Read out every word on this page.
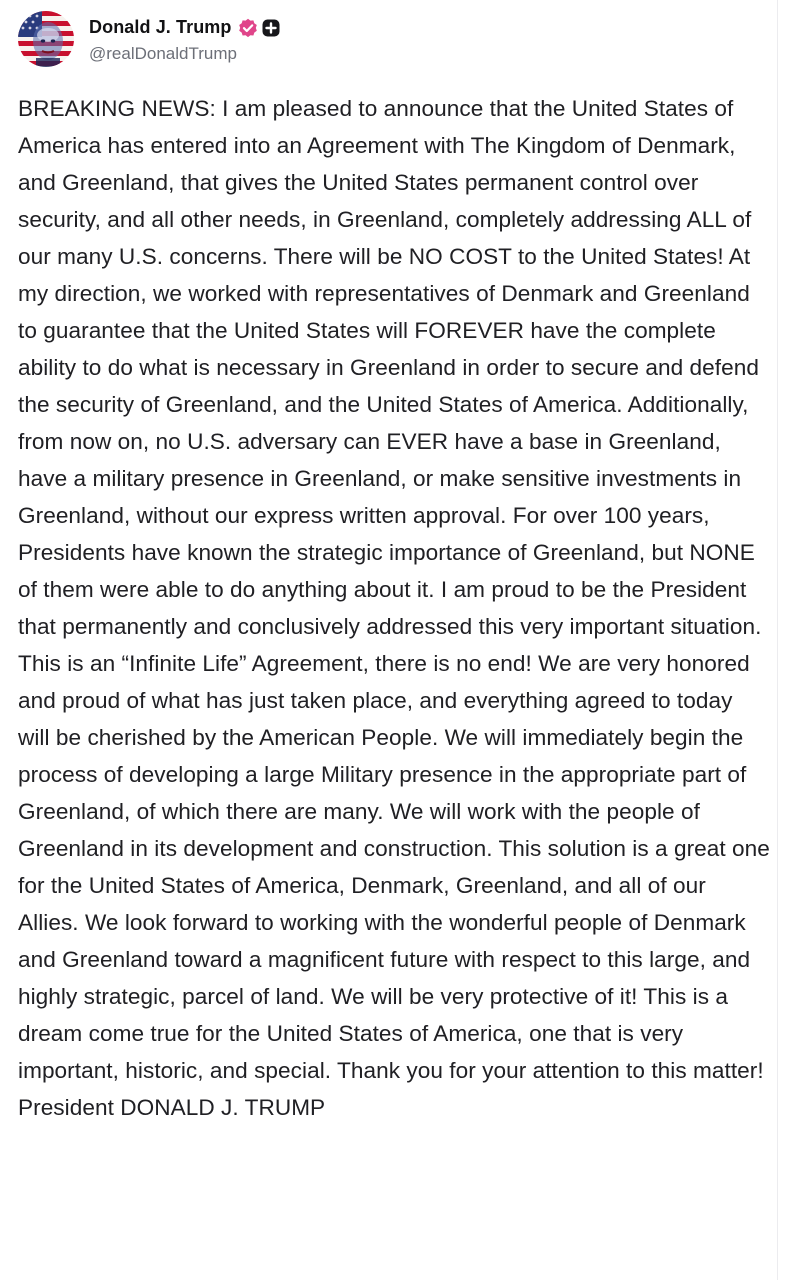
Donald J. Trump
@realDonaldTrump

BREAKING NEWS: I am pleased to announce that the United States of America has entered into an Agreement with The Kingdom of Denmark, and Greenland, that gives the United States permanent control over security, and all other needs, in Greenland, completely addressing ALL of our many U.S. concerns. There will be NO COST to the United States! At my direction, we worked with representatives of Denmark and Greenland to guarantee that the United States will FOREVER have the complete ability to do what is necessary in Greenland in order to secure and defend the security of Greenland, and the United States of America. Additionally, from now on, no U.S. adversary can EVER have a base in Greenland, have a military presence in Greenland, or make sensitive investments in Greenland, without our express written approval. For over 100 years, Presidents have known the strategic importance of Greenland, but NONE of them were able to do anything about it. I am proud to be the President that permanently and conclusively addressed this very important situation. This is an “Infinite Life” Agreement, there is no end! We are very honored and proud of what has just taken place, and everything agreed to today will be cherished by the American People. We will immediately begin the process of developing a large Military presence in the appropriate part of Greenland, of which there are many. We will work with the people of Greenland in its development and construction. This solution is a great one for the United States of America, Denmark, Greenland, and all of our Allies. We look forward to working with the wonderful people of Denmark and Greenland toward a magnificent future with respect to this large, and highly strategic, parcel of land. We will be very protective of it! This is a dream come true for the United States of America, one that is very important, historic, and special. Thank you for your attention to this matter! President DONALD J. TRUMP
